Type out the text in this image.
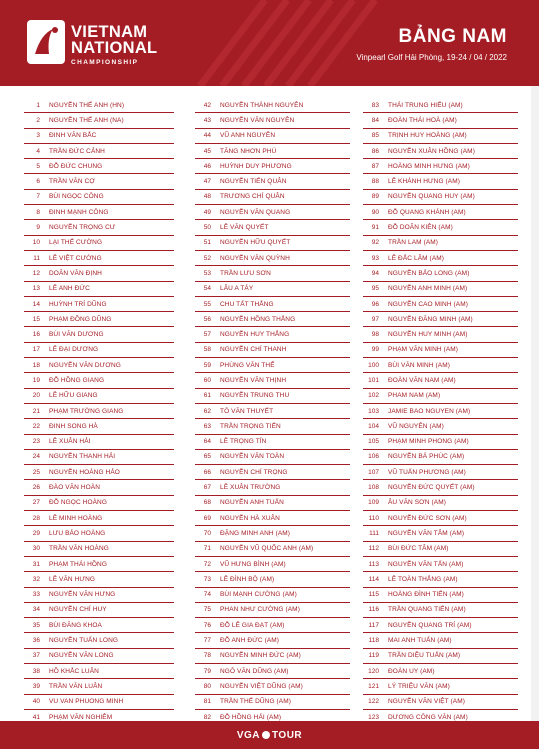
VIETNAM
NATIONAL
CHAMPIONSHIP
BẢNG NAM
Vinpearl Golf Hải Phòng, 19-24 / 04 / 2022
1 NGUYỄN THẾ ANH (HN)
2 NGUYỄN THẾ ANH (NA)
3 ĐINH VĂN BẮC
4 TRẦN ĐỨC CẢNH
5 ĐỖ ĐỨC CHUNG
6 TRẦN VĂN CỢ
7 BÙI NGỌC CÔNG
8 ĐINH MẠNH CÔNG
9 NGUYỄN TRỌNG CƯ
10 LẠI THẾ CƯỜNG
11 LÊ VIỆT CƯỜNG
12 DOÃN VĂN ĐỊNH
13 LÊ ANH ĐỨC
14 HUỲNH TRÍ DŨNG
15 PHẠM ĐỒNG DŨNG
16 BÙI VĂN DƯƠNG
17 LÊ ĐẠI DƯƠNG
18 NGUYỄN VĂN DƯƠNG
19 ĐỖ HỒNG GIANG
20 LÊ HỮU GIANG
21 PHẠM TRƯỜNG GIANG
22 ĐINH SONG HÀ
23 LÊ XUÂN HẢI
24 NGUYỄN THANH HẢI
25 NGUYỄN HOÀNG HẢO
26 ĐÀO VĂN HOÀN
27 ĐỖ NGỌC HOÀNG
28 LÊ MINH HOÀNG
29 LƯU BẢO HOÀNG
30 TRẦN VĂN HOÀNG
31 PHẠM THÁI HỒNG
32 LÊ VĂN HƯNG
33 NGUYỄN VĂN HƯNG
34 NGUYỄN CHÍ HUY
35 BÙI ĐĂNG KHOA
36 NGUYỄN TUẤN LONG
37 NGUYỄN VĂN LONG
38 HỒ KHẮC LUÂN
39 TRẦN VĂN LUÂN
40 VU VAN PHUONG MINH
41 PHẠM VĂN NGHIÊM
42 NGUYỄN THÀNH NGUYÊN
43 NGUYỄN VĂN NGUYÊN
44 VŨ ANH NGUYÊN
45 TĂNG NHƠN PHÚ
46 HUỲNH DUY PHƯƠNG
47 NGUYỄN TIẾN QUÂN
48 TRƯƠNG CHÍ QUÂN
49 NGUYỄN VĂN QUANG
50 LÊ VĂN QUYẾT
51 NGUYỄN HỮU QUYẾT
52 NGUYỄN VĂN QUỲNH
53 TRẦN LƯU SƠN
54 LÂU A TÁY
55 CHU TẤT THẮNG
56 NGUYỄN HỒNG THẮNG
57 NGUYỄN HUY THẮNG
58 NGUYỄN CHÍ THANH
59 PHÙNG VĂN THỂ
60 NGUYỄN VĂN THỊNH
61 NGUYỄN TRUNG THU
62 TÔ VĂN THUYẾT
63 TRẦN TRỌNG TIẾN
64 LÊ TRỌNG TÍN
65 NGUYỄN VĂN TOÀN
66 NGUYỄN CHÍ TRỌNG
67 LÊ XUÂN TRƯỜNG
68 NGUYỄN ANH TUẤN
69 NGUYỄN HÀ XUÂN
70 ĐẶNG MINH ANH (AM)
71 NGUYỄN VŨ QUỐC ANH (AM)
72 VŨ HƯNG BÌNH (AM)
73 LÊ ĐÌNH BỘ (AM)
74 BÙI MẠNH CƯỜNG (AM)
75 PHAN NHƯ CƯỜNG (AM)
76 ĐỖ LÊ GIA ĐẠT (AM)
77 ĐỖ ANH ĐỨC (AM)
78 NGUYỄN MINH ĐỨC (AM)
79 NGÔ VĂN DŨNG (AM)
80 NGUYỄN VIỆT DŨNG (AM)
81 TRẦN THẾ DŨNG (AM)
82 ĐỖ HỒNG HẢI (AM)
83 THÁI TRUNG HIẾU (AM)
84 ĐOÀN THÁI HOÀ (AM)
85 TRỊNH HUY HOÀNG (AM)
86 NGUYỄN XUÂN HỒNG (AM)
87 HOÀNG MINH HƯNG (AM)
88 LÊ KHÁNH HƯNG (AM)
89 NGUYỄN QUANG HUY (AM)
90 ĐỖ QUANG KHÁNH (AM)
91 ĐỖ DOÃN KIÊN (AM)
92 TRẦN LAM (AM)
93 LÊ ĐẮC LÂM (AM)
94 NGUYỄN BẢO LONG (AM)
95 NGUYỄN ANH MINH (AM)
96 NGUYỄN CAO MINH (AM)
97 NGUYỄN ĐĂNG MINH (AM)
98 NGUYỄN HUY MINH (AM)
99 PHẠM VĂN MINH (AM)
100 BÙI VĂN MINH (AM)
101 ĐOÀN VĂN NAM (AM)
102 PHAM NAM (AM)
103 JAMIE BAO NGUYEN (AM)
104 VŨ NGUYÊN (AM)
105 PHẠM MINH PHONG (AM)
106 NGUYỄN BÁ PHÚC (AM)
107 VŨ TUẤN PHƯƠNG (AM)
108 NGUYỄN ĐỨC QUYẾT (AM)
109 ÂU VĂN SƠN (AM)
110 NGUYỄN ĐỨC SƠN (AM)
111 NGUYỄN VĂN TÂM (AM)
112 BÙI ĐỨC TÂM (AM)
113 NGUYỄN VĂN TẤN (AM)
114 LÊ TOÀN THẮNG (AM)
115 HOÀNG ĐÌNH TIẾN (AM)
116 TRẦN QUANG TIẾN (AM)
117 NGUYỄN QUANG TRÍ (AM)
118 MAI ANH TUẤN (AM)
119 TRẦN DIỆU TUẤN (AM)
120 ĐOÀN UY (AM)
121 LÝ TRIỆU VĂN (AM)
122 NGUYỄN VĂN VIỆT (AM)
123 DƯƠNG CÔNG VĂN (AM)
VGA TOUR
